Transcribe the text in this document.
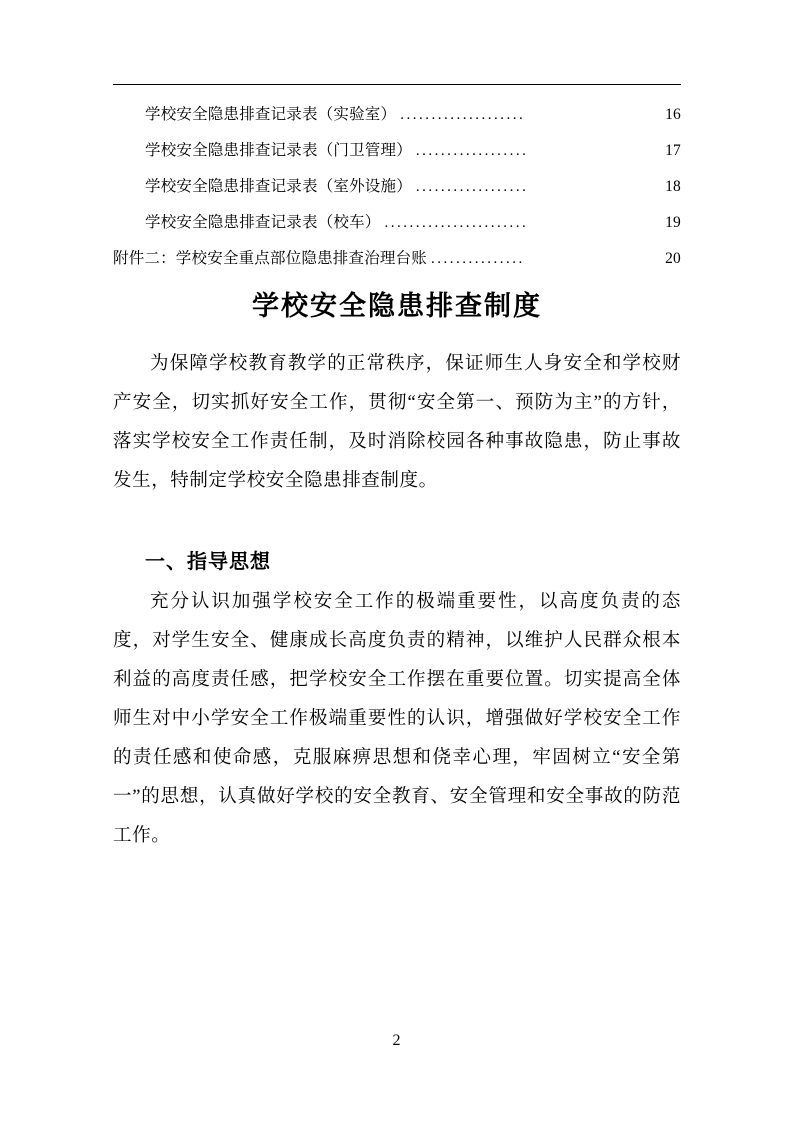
学校安全隐患排查记录表（实验室） ....................	16
学校安全隐患排查记录表（门卫管理） ..................	17
学校安全隐患排查记录表（室外设施） ..................	18
学校安全隐患排查记录表（校车） .......................	19
附件二：学校安全重点部位隐患排查治理台账 ...............	20
学校安全隐患排查制度

为保障学校教育教学的正常秩序，保证师生人身安全和学校财产安全，切实抓好安全工作，贯彻“安全第一、预防为主”的方针，落实学校安全工作责任制，及时消除校园各种事故隐患，防止事故发生，特制定学校安全隐患排查制度。

一、指导思想

充分认识加强学校安全工作的极端重要性，以高度负责的态度，对学生安全、健康成长高度负责的精神，以维护人民群众根本利益的高度责任感，把学校安全工作摆在重要位置。切实提高全体师生对中小学安全工作极端重要性的认识，增强做好学校安全工作的责任感和使命感，克服麻痹思想和侥幸心理，牢固树立“安全第一”的思想，认真做好学校的安全教育、安全管理和安全事故的防范工作。

2
